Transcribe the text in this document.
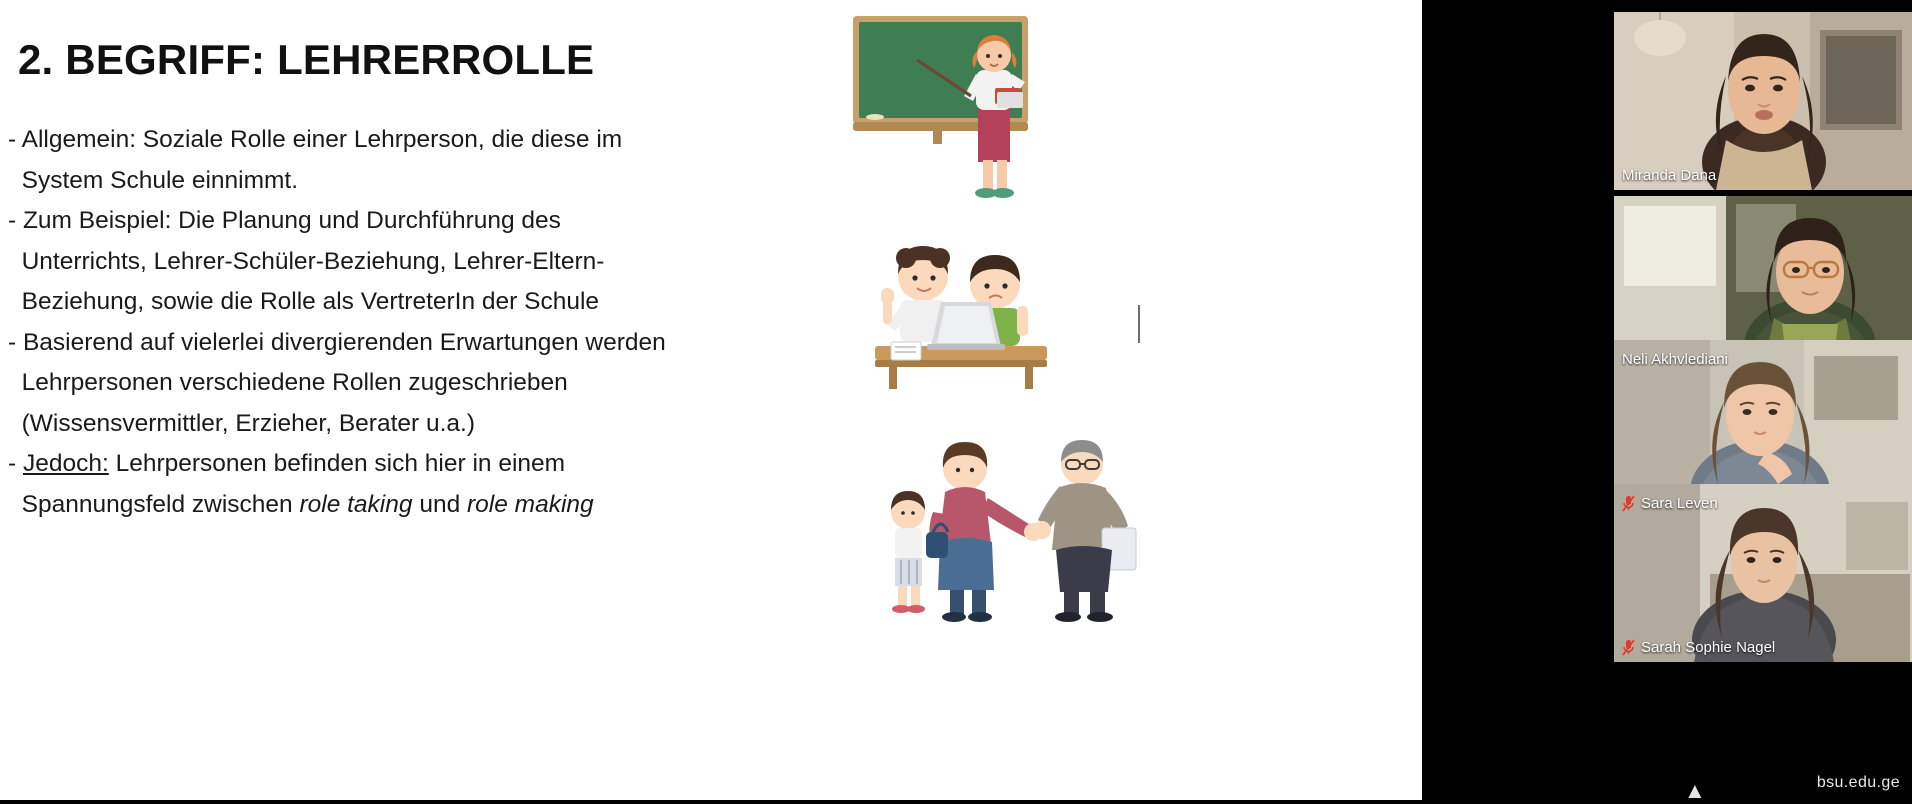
2. BEGRIFF: LEHRERROLLE
- Allgemein: Soziale Rolle einer Lehrperson, die diese im
System Schule einnimmt.
- Zum Beispiel: Die Planung und Durchführung des
Unterrichts, Lehrer-Schüler-Beziehung, Lehrer-Eltern-
Beziehung, sowie die Rolle als VertreterIn der Schule
- Basierend auf vielerlei divergierenden Erwartungen werden
Lehrpersonen verschiedene Rollen zugeschrieben
(Wissensvermittler, Erzieher, Berater u.a.)
- Jedoch: Lehrpersonen befinden sich hier in einem
Spannungsfeld zwischen role taking und role making
Miranda Dana
Neli Akhvlediani
Sara Leven
Sarah Sophie Nagel
bsu.edu.ge
▲
